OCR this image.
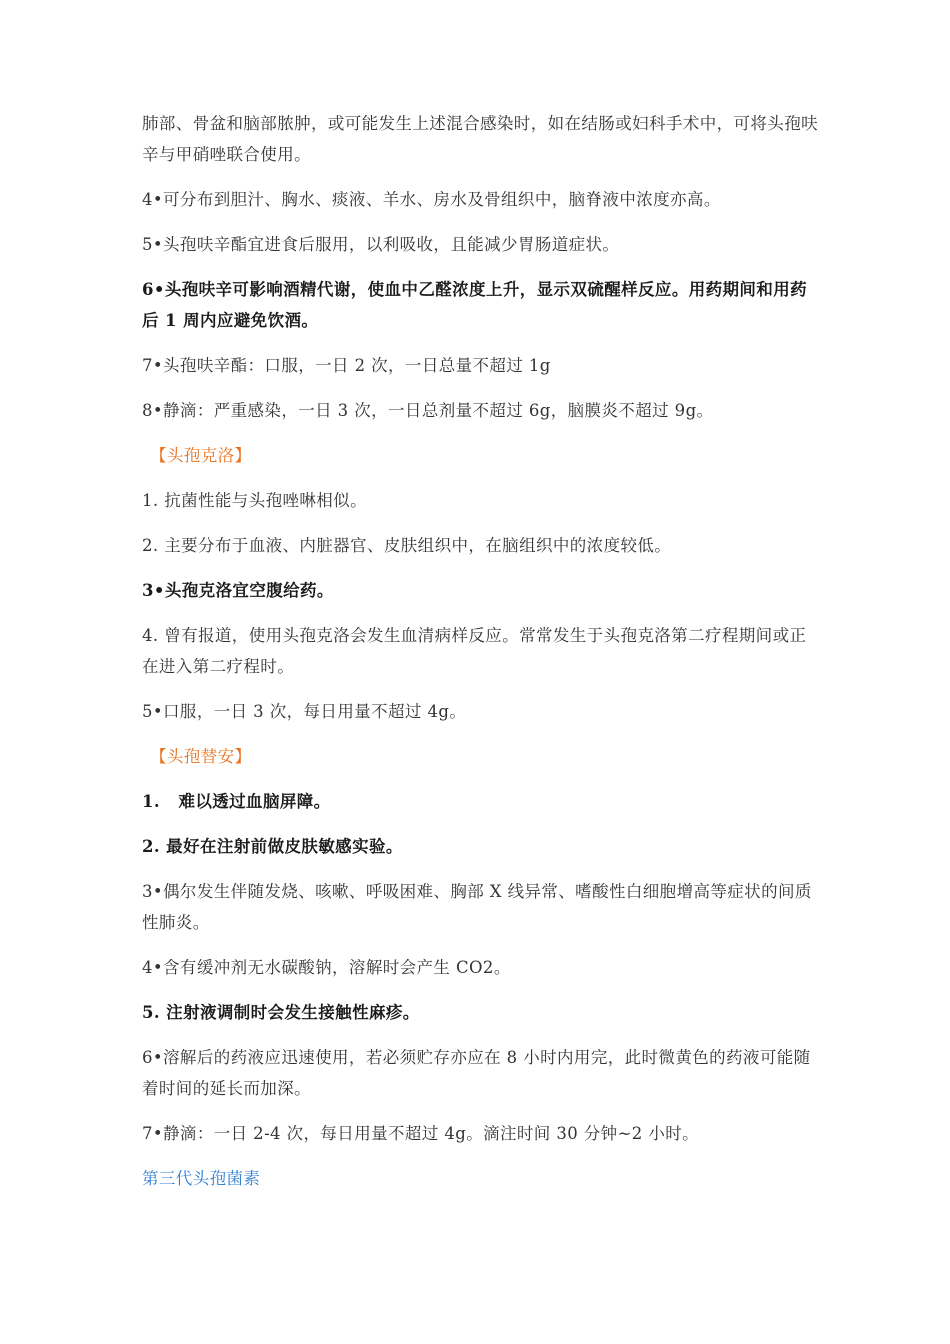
肺部、骨盆和脑部脓肿，或可能发生上述混合感染时，如在结肠或妇科手术中，可将头孢呋辛与甲硝唑联合使用。

4•可分布到胆汁、胸水、痰液、羊水、房水及骨组织中，脑脊液中浓度亦高。

5•头孢呋辛酯宜进食后服用，以利吸收，且能减少胃肠道症状。

6•头孢呋辛可影响酒精代谢，使血中乙醛浓度上升，显示双硫醒样反应。用药期间和用药后 1 周内应避免饮酒。

7•头孢呋辛酯：口服，一日 2 次，一日总量不超过 1g

8•静滴：严重感染，一日 3 次，一日总剂量不超过 6g，脑膜炎不超过 9g。

【头孢克洛】

1. 抗菌性能与头孢唑啉相似。

2. 主要分布于血液、内脏器官、皮肤组织中，在脑组织中的浓度较低。

3•头孢克洛宜空腹给药。

4. 曾有报道，使用头孢克洛会发生血清病样反应。常常发生于头孢克洛第二疗程期间或正在进入第二疗程时。

5•口服，一日 3 次，每日用量不超过 4g。

【头孢替安】

1.   难以透过血脑屏障。

2. 最好在注射前做皮肤敏感实验。

3•偶尔发生伴随发烧、咳嗽、呼吸困难、胸部 X 线异常、嗜酸性白细胞增高等症状的间质性肺炎。

4•含有缓冲剂无水碳酸钠，溶解时会产生 CO2。

5. 注射液调制时会发生接触性麻疹。

6•溶解后的药液应迅速使用，若必须贮存亦应在 8 小时内用完，此时微黄色的药液可能随着时间的延长而加深。

7•静滴：一日 2-4 次，每日用量不超过 4g。滴注时间 30 分钟~2 小时。

第三代头孢菌素
